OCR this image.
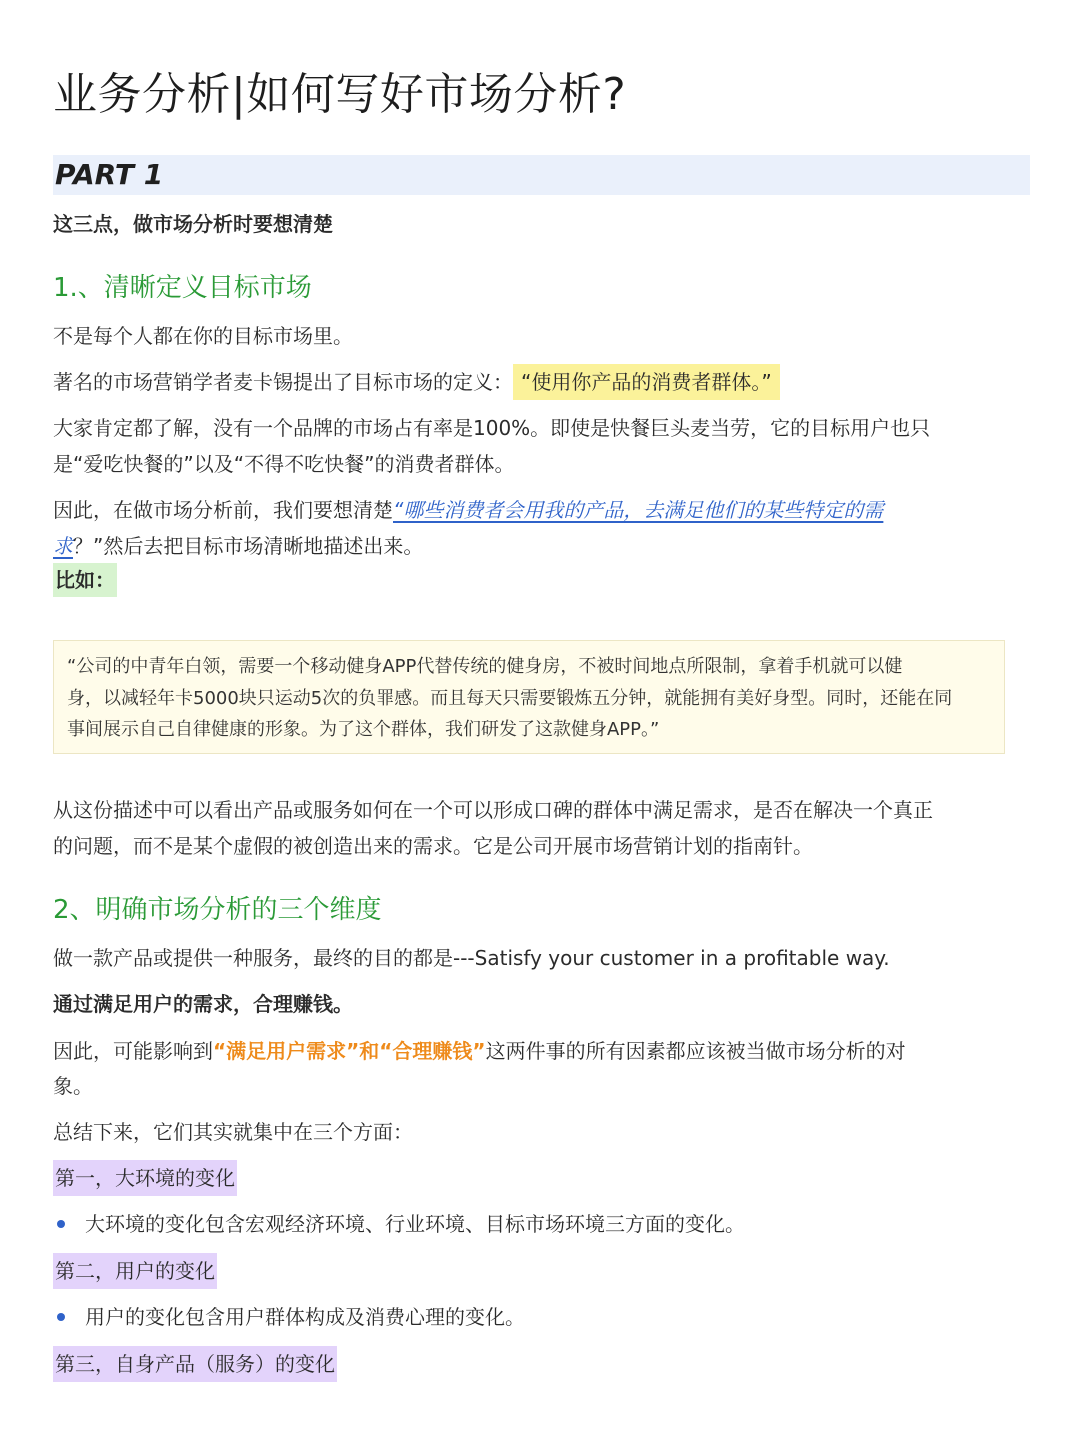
业务分析|如何写好市场分析?
PART 1
这三点，做市场分析时要想清楚
1.、清晰定义目标市场
不是每个人都在你的目标市场里。
著名的市场营销学者麦卡锡提出了目标市场的定义： “使用你产品的消费者群体。”
大家肯定都了解，没有一个品牌的市场占有率是100%。即使是快餐巨头麦当劳，它的目标用户也只
是“爱吃快餐的”以及“不得不吃快餐”的消费者群体。
因此，在做市场分析前，我们要想清楚“哪些消费者会用我的产品，去满足他们的某些特定的需
求？”然后去把目标市场清晰地描述出来。
比如：
“公司的中青年白领，需要一个移动健身APP代替传统的健身房，不被时间地点所限制，拿着手机就可以健
身，以减轻年卡5000块只运动5次的负罪感。而且每天只需要锻炼五分钟，就能拥有美好身型。同时，还能在同
事间展示自己自律健康的形象。为了这个群体，我们研发了这款健身APP。”
从这份描述中可以看出产品或服务如何在一个可以形成口碑的群体中满足需求，是否在解决一个真正
的问题，而不是某个虚假的被创造出来的需求。它是公司开展市场营销计划的指南针。
2、明确市场分析的三个维度
做一款产品或提供一种服务，最终的目的都是---Satisfy your customer in a profitable way.
通过满足用户的需求，合理赚钱。
因此，可能影响到“满足用户需求”和“合理赚钱”这两件事的所有因素都应该被当做市场分析的对
象。
总结下来，它们其实就集中在三个方面：
第一，大环境的变化
大环境的变化包含宏观经济环境、行业环境、目标市场环境三方面的变化。
第二，用户的变化
用户的变化包含用户群体构成及消费心理的变化。
第三，自身产品（服务）的变化
